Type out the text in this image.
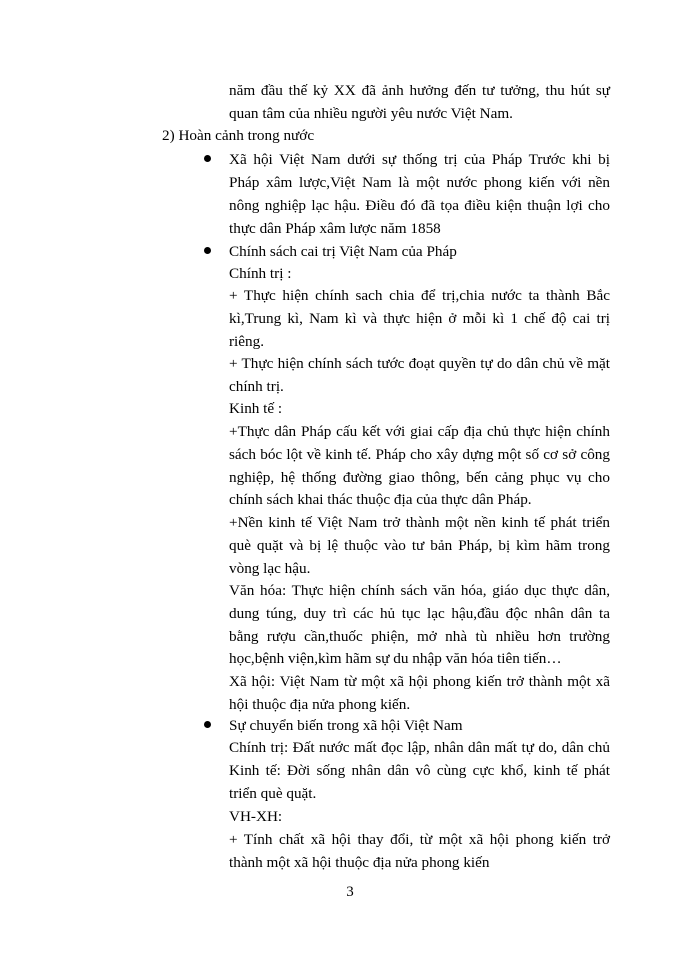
năm đầu thế kỷ XX đã ảnh hưởng đến tư tưởng, thu hút sự
quan tâm của nhiều người yêu nước Việt Nam.
2) Hoàn cảnh trong nước
Xã hội Việt Nam dưới sự thống trị của Pháp Trước khi bị
Pháp xâm lược,Việt Nam là một nước phong kiến với nền
nông nghiệp lạc hậu. Điều đó đã tọa điều kiện thuận lợi cho
thực dân Pháp xâm lược năm 1858
Chính sách cai trị Việt Nam của Pháp
Chính trị :
+ Thực hiện chính sach chia để trị,chia nước ta thành Bắc
kì,Trung kì, Nam kì và thực hiện ở mỗi kì 1 chế độ cai trị
riêng.
+ Thực hiện chính sách tước đoạt quyền tự do dân chủ về mặt
chính trị.
Kinh tế :
+Thực dân Pháp cấu kết với giai cấp địa chủ thực hiện chính
sách bóc lột về kinh tế. Pháp cho xây dựng một số cơ sở công
nghiệp, hệ thống đường giao thông, bến cảng phục vụ cho
chính sách khai thác thuộc địa của thực dân Pháp.
+Nền kinh tế Việt Nam trở thành một nền kinh tế phát triển
què quặt và bị lệ thuộc vào tư bản Pháp, bị kìm hãm trong
vòng lạc hậu.
Văn hóa: Thực hiện chính sách văn hóa, giáo dục thực dân,
dung túng, duy trì các hủ tục lạc hậu,đầu độc nhân dân ta
bằng rượu cần,thuốc phiện, mở nhà tù nhiều hơn trường
học,bệnh viện,kìm hãm sự du nhập văn hóa tiên tiến…
Xã hội: Việt Nam từ một xã hội phong kiến trở thành một xã
hội thuộc địa nửa phong kiến.
Sự chuyển biến trong xã hội Việt Nam
Chính trị: Đất nước mất đọc lập, nhân dân mất tự do, dân chủ
Kinh tế: Đời sống nhân dân vô cùng cực khổ, kinh tế phát
triển què quặt.
VH-XH:
+ Tính chất xã hội thay đổi, từ một xã hội phong kiến trở
thành một xã hội thuộc địa nửa phong kiến
3
